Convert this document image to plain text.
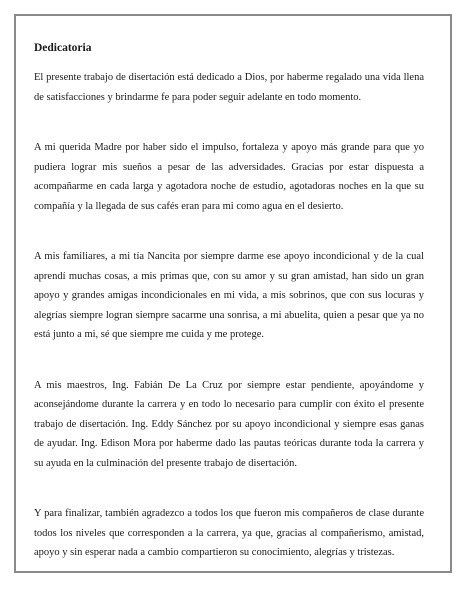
Dedicatoria

El presente trabajo de disertación está dedicado a Dios, por haberme regalado una vida llena de satisfacciones y brindarme fe para poder seguir adelante en todo momento.

A mi querida Madre por haber sido el impulso, fortaleza y apoyo más grande para que yo pudiera lograr mis sueños a pesar de las adversidades. Gracias por estar dispuesta a acompañarme en cada larga y agotadora noche de estudio, agotadoras noches en la que su compañía y la llegada de sus cafés eran para mi como agua en el desierto.

A mis familiares, a mi tía Nancita por siempre darme ese apoyo incondicional y de la cual aprendí muchas cosas, a mis primas que, con su amor y su gran amistad, han sido un gran apoyo y grandes amigas incondicionales en mi vida, a mis sobrinos, que con sus locuras y alegrías siempre logran siempre sacarme una sonrisa, a mi abuelita, quien a pesar que ya no está junto a mi, sé que siempre me cuida y me protege.

A mis maestros, Ing. Fabián De La Cruz por siempre estar pendiente, apoyándome y aconsejándome durante la carrera y en todo lo necesario para cumplir con éxito el presente trabajo de disertación. Ing. Eddy Sánchez por su apoyo incondicional y siempre esas ganas de ayudar. Ing. Edison Mora por haberme dado las pautas teóricas durante toda la carrera y su ayuda en la culminación del presente trabajo de disertación.

Y para finalizar, también agradezco a todos los que fueron mis compañeros de clase durante todos los niveles que corresponden a la carrera, ya que, gracias al compañerismo, amistad, apoyo y sin esperar nada a cambio compartieron su conocimiento, alegrías y tristezas.
